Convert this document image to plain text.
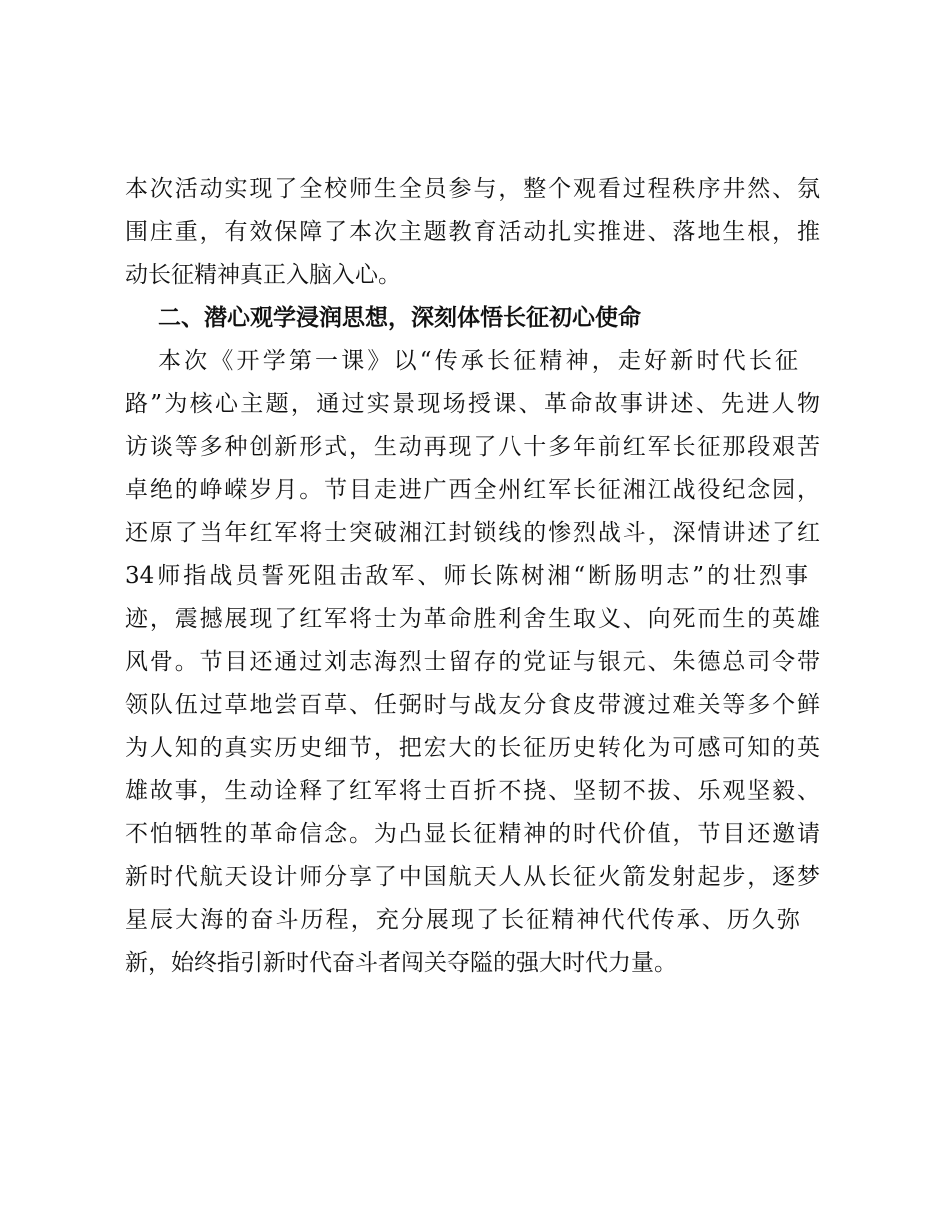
本次活动实现了全校师生全员参与，整个观看过程秩序井然、氛
围庄重，有效保障了本次主题教育活动扎实推进、落地生根，推
动长征精神真正入脑入心。
二、潜心观学浸润思想，深刻体悟长征初心使命
本次《开学第一课》以“传承长征精神，走好新时代长征
路”为核心主题，通过实景现场授课、革命故事讲述、先进人物
访谈等多种创新形式，生动再现了八十多年前红军长征那段艰苦
卓绝的峥嵘岁月。节目走进广西全州红军长征湘江战役纪念园，
还原了当年红军将士突破湘江封锁线的惨烈战斗，深情讲述了红
34师指战员誓死阻击敌军、师长陈树湘“断肠明志”的壮烈事
迹，震撼展现了红军将士为革命胜利舍生取义、向死而生的英雄
风骨。节目还通过刘志海烈士留存的党证与银元、朱德总司令带
领队伍过草地尝百草、任弼时与战友分食皮带渡过难关等多个鲜
为人知的真实历史细节，把宏大的长征历史转化为可感可知的英
雄故事，生动诠释了红军将士百折不挠、坚韧不拔、乐观坚毅、
不怕牺牲的革命信念。为凸显长征精神的时代价值，节目还邀请
新时代航天设计师分享了中国航天人从长征火箭发射起步，逐梦
星辰大海的奋斗历程，充分展现了长征精神代代传承、历久弥
新，始终指引新时代奋斗者闯关夺隘的强大时代力量。
